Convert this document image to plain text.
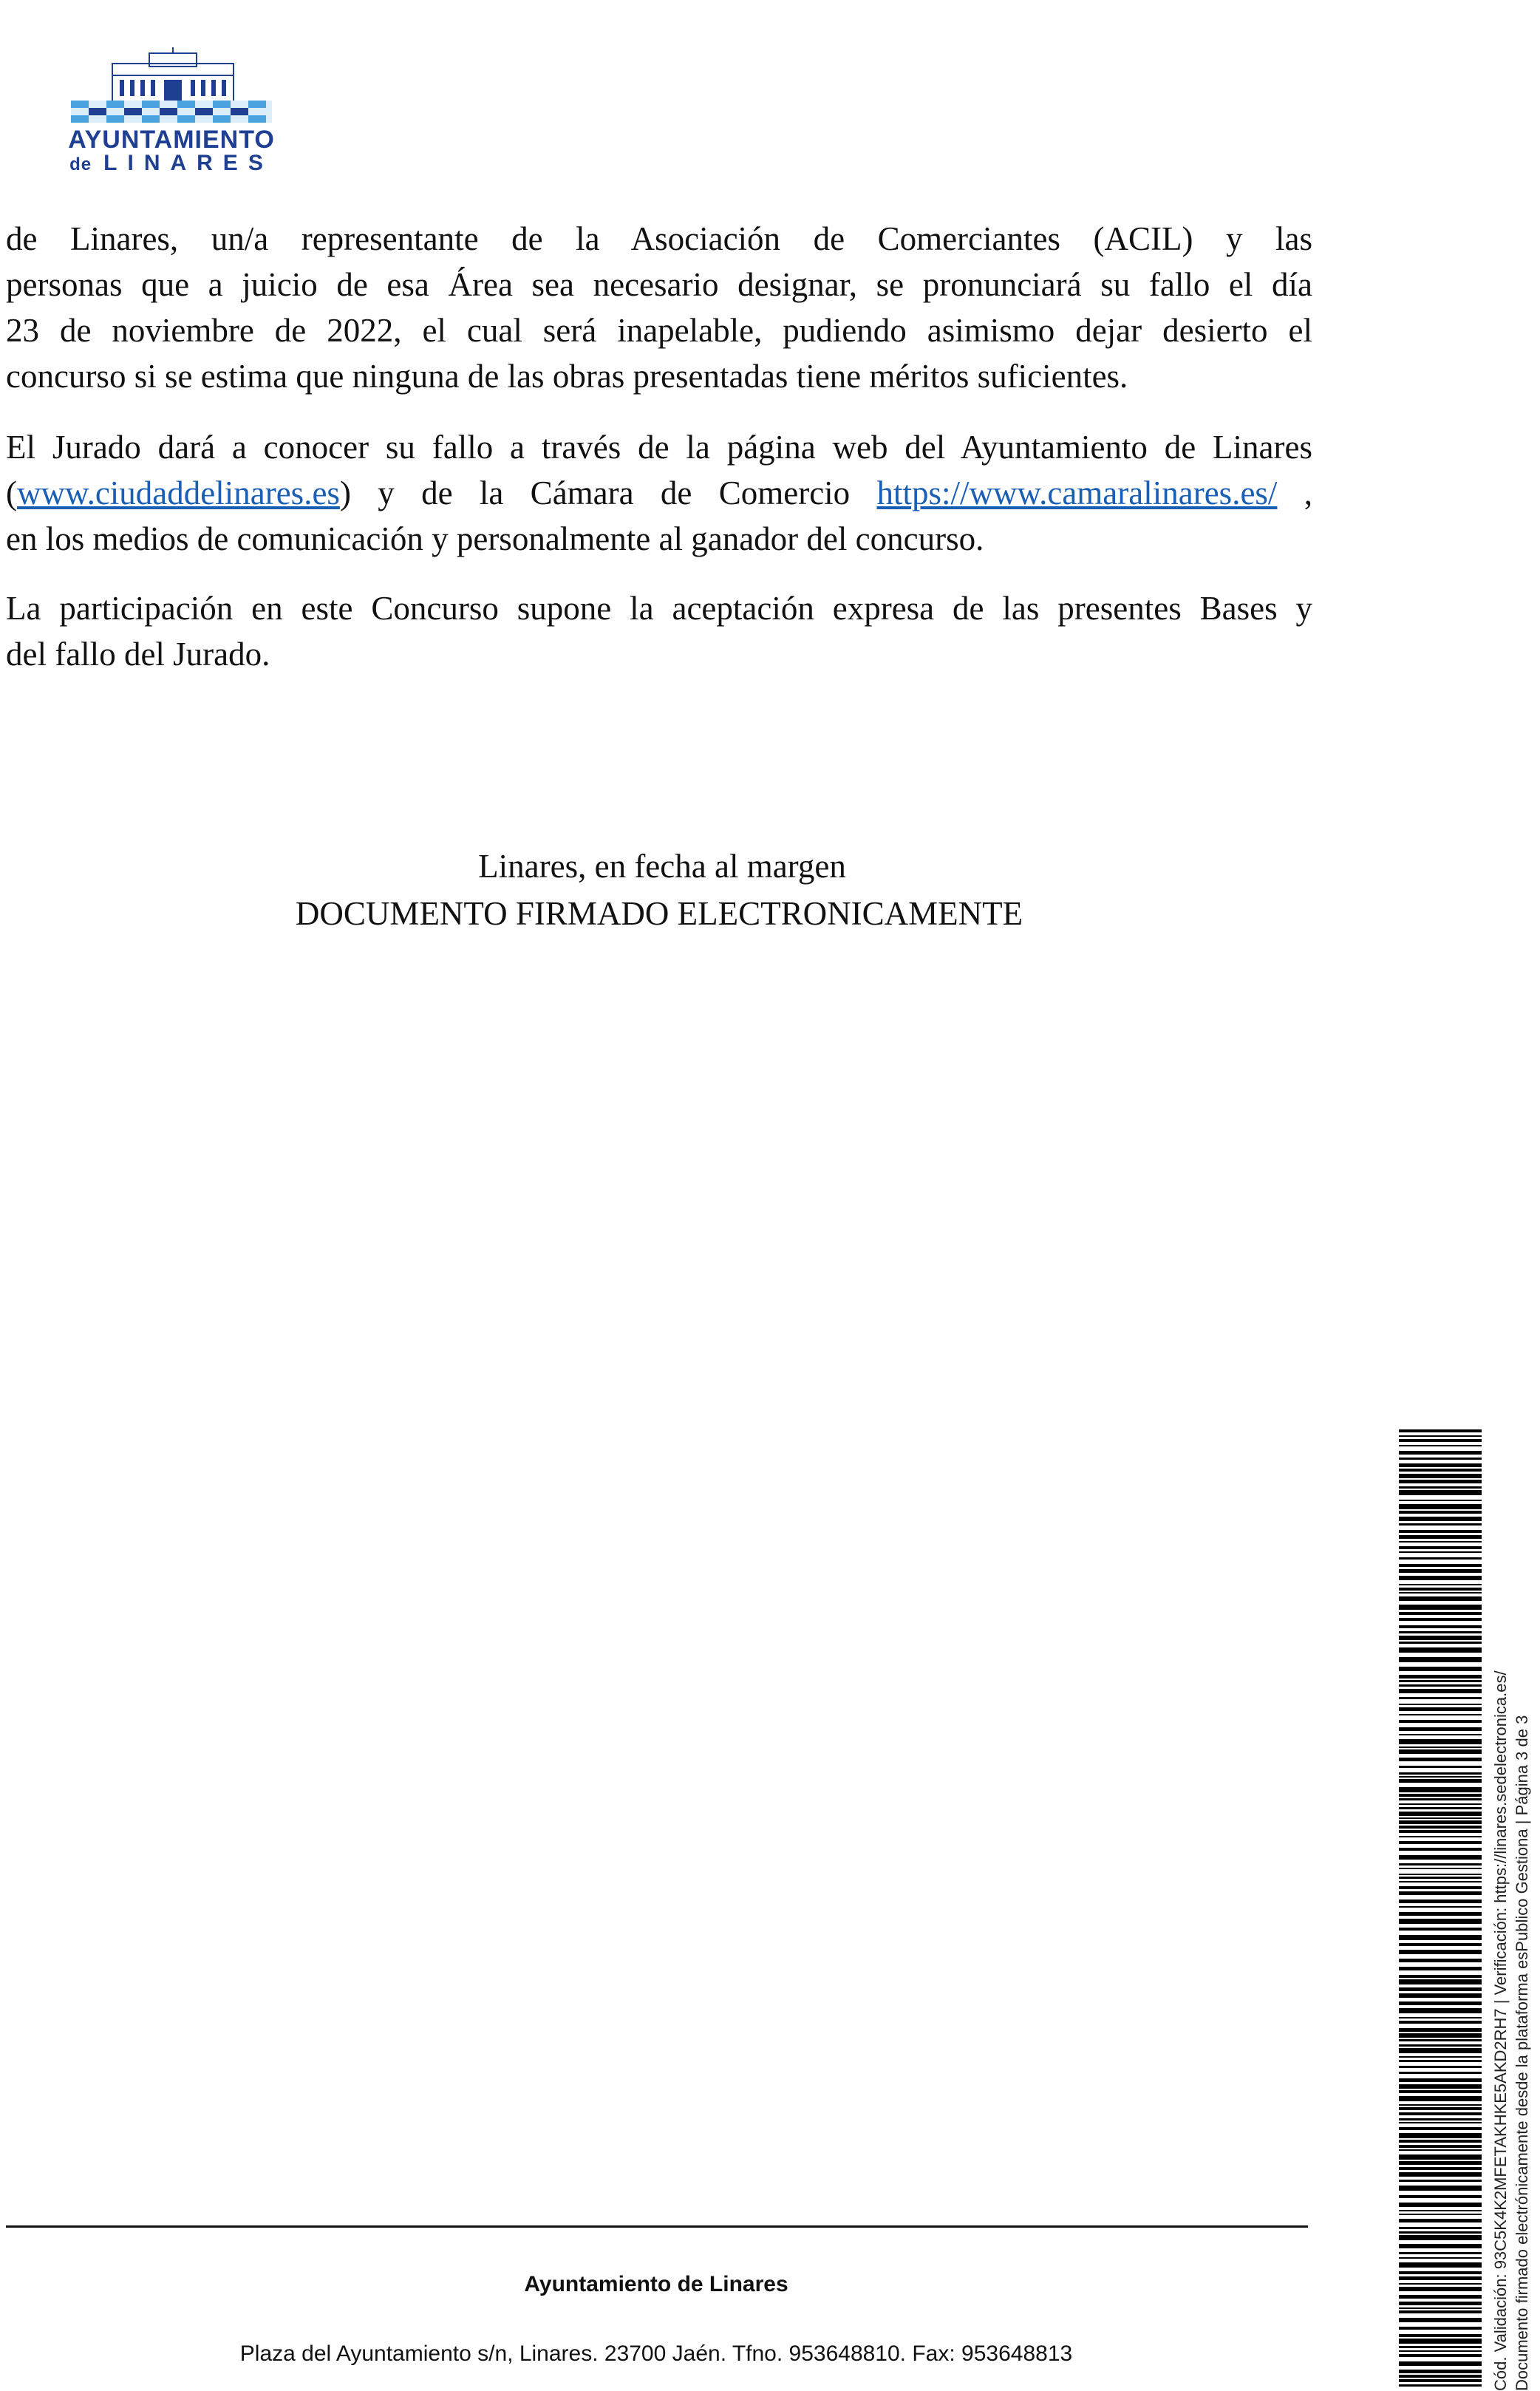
AYUNTAMIENTO
de LINARES

de Linares, un/a representante de la Asociación de Comerciantes (ACIL) y las

personas que a juicio de esa Área sea necesario designar, se pronunciará su fallo el día

23 de noviembre de 2022, el cual será inapelable, pudiendo asimismo dejar desierto el

concurso si se estima que ninguna de las obras presentadas tiene méritos suficientes.

El Jurado dará a conocer su fallo a través de la página web del Ayuntamiento de Linares

(www.ciudaddelinares.es) y de la Cámara de Comercio https://www.camaralinares.es/ ,

en los medios de comunicación y personalmente al ganador del concurso.

La participación en este Concurso supone la aceptación expresa de las presentes Bases y

del fallo del Jurado.

Linares, en fecha al margen
DOCUMENTO FIRMADO ELECTRONICAMENTE
Ayuntamiento de Linares
Plaza del Ayuntamiento s/n, Linares. 23700 Jaén. Tfno. 953648810. Fax: 953648813	Cód. Validación: 93C5K4K2MFETAKHKE5AKD2RH7 | Verificación: https://linares.sedelectronica.es/ Documento firmado electrónicamente desde la plataforma esPublico Gestiona | Página 3 de 3
